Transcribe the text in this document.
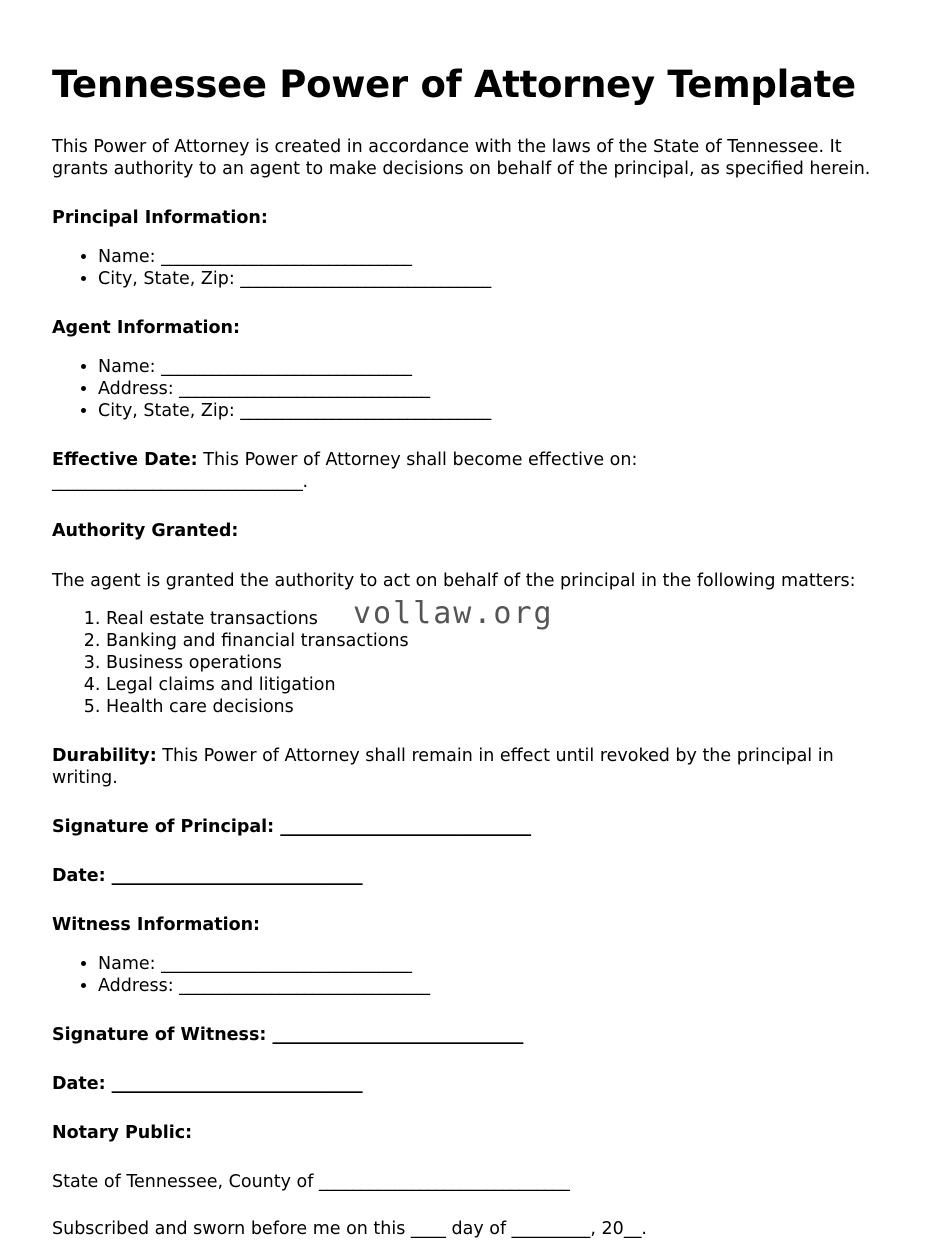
vollaw.org
Tennessee Power of Attorney Template

This Power of Attorney is created in accordance with the laws of the State of Tennessee. It grants authority to an agent to make decisions on behalf of the principal, as specified herein.

Principal Information:
• Name: ______________________________
• City, State, Zip: ______________________________
Agent Information:
• Name: ______________________________
• Address: ______________________________
• City, State, Zip: ______________________________

Effective Date: This Power of Attorney shall become effective on:
______________________________.

Authority Granted:

The agent is granted the authority to act on behalf of the principal in the following matters:

1. Real estate transactions
2. Banking and financial transactions
3. Business operations
4. Legal claims and litigation
5. Health care decisions

Durability: This Power of Attorney shall remain in effect until revoked by the principal in writing.

Signature of Principal: ______________________________

Date: ______________________________

Witness Information:
• Name: ______________________________
• Address: ______________________________

Signature of Witness: ______________________________

Date: ______________________________

Notary Public:

State of Tennessee, County of ______________________________

Subscribed and sworn before me on this ____ day of _________, 20__.
